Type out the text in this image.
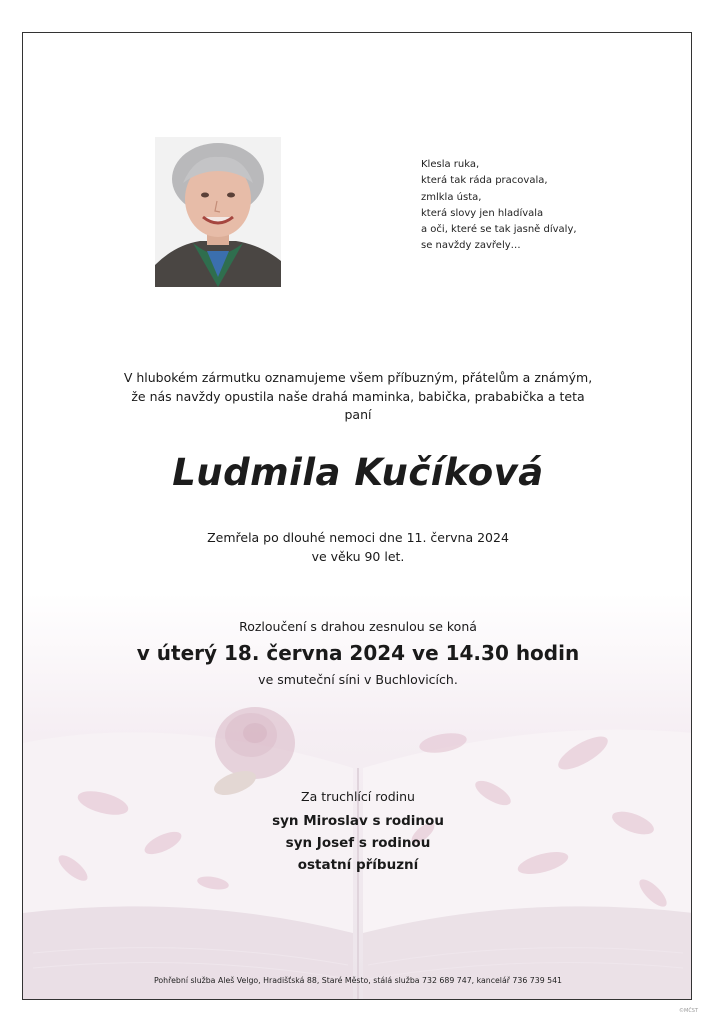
Klesla ruka,
která tak ráda pracovala,
zmlkla ústa,
která slovy jen hladívala
a oči, které se tak jasně dívaly,
se navždy zavřely…
V hlubokém zármutku oznamujeme všem příbuzným, přátelům a známým,
že nás navždy opustila naše drahá maminka, babička, prababička a teta
paní
Ludmila Kučíková
Zemřela po dlouhé nemoci dne 11. června 2024
ve věku 90 let.
Rozloučení s drahou zesnulou se koná
v úterý 18. června 2024 ve 14.30 hodin
ve smuteční síni v Buchlovicích.
Za truchlící rodinu
syn Miroslav s rodinou
syn Josef s rodinou
ostatní příbuzní
Pohřební služba Aleš Velgo, Hradišťská 88, Staré Město, stálá služba 732 689 747, kancelář 736 739 541
©MČST
